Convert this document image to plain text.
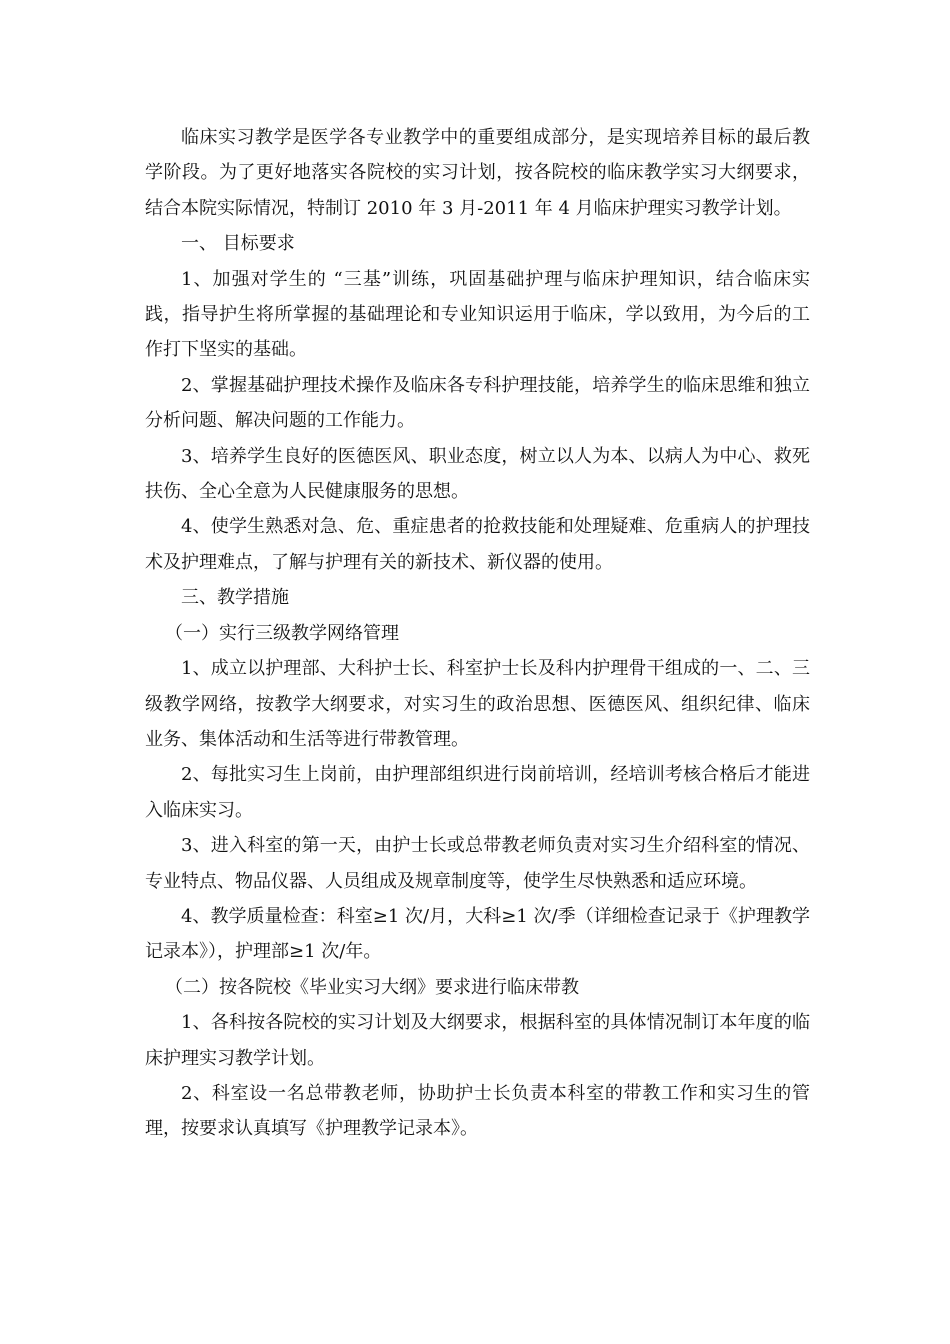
临床实习教学是医学各专业教学中的重要组成部分，是实现培养目标的最后教学阶段。为了更好地落实各院校的实习计划，按各院校的临床教学实习大纲要求，结合本院实际情况，特制订 2010 年 3 月-2011 年 4 月临床护理实习教学计划。

一、 目标要求

1、加强对学生的 “三基”训练，巩固基础护理与临床护理知识，结合临床实践，指导护生将所掌握的基础理论和专业知识运用于临床，学以致用，为今后的工作打下坚实的基础。

2、掌握基础护理技术操作及临床各专科护理技能，培养学生的临床思维和独立分析问题、解决问题的工作能力。

3、培养学生良好的医德医风、职业态度，树立以人为本、以病人为中心、救死扶伤、全心全意为人民健康服务的思想。

4、使学生熟悉对急、危、重症患者的抢救技能和处理疑难、危重病人的护理技术及护理难点，了解与护理有关的新技术、新仪器的使用。

三、教学措施

（一）实行三级教学网络管理

1、成立以护理部、大科护士长、科室护士长及科内护理骨干组成的一、二、三级教学网络，按教学大纲要求，对实习生的政治思想、医德医风、组织纪律、临床业务、集体活动和生活等进行带教管理。

2、每批实习生上岗前，由护理部组织进行岗前培训，经培训考核合格后才能进入临床实习。

3、进入科室的第一天，由护士长或总带教老师负责对实习生介绍科室的情况、专业特点、物品仪器、人员组成及规章制度等，使学生尽快熟悉和适应环境。

4、教学质量检查：科室≥1 次/月，大科≥1 次/季（详细检查记录于《护理教学记录本》），护理部≥1 次/年。

（二）按各院校《毕业实习大纲》要求进行临床带教

1、各科按各院校的实习计划及大纲要求，根据科室的具体情况制订本年度的临床护理实习教学计划。

2、科室设一名总带教老师，协助护士长负责本科室的带教工作和实习生的管理，按要求认真填写《护理教学记录本》。
